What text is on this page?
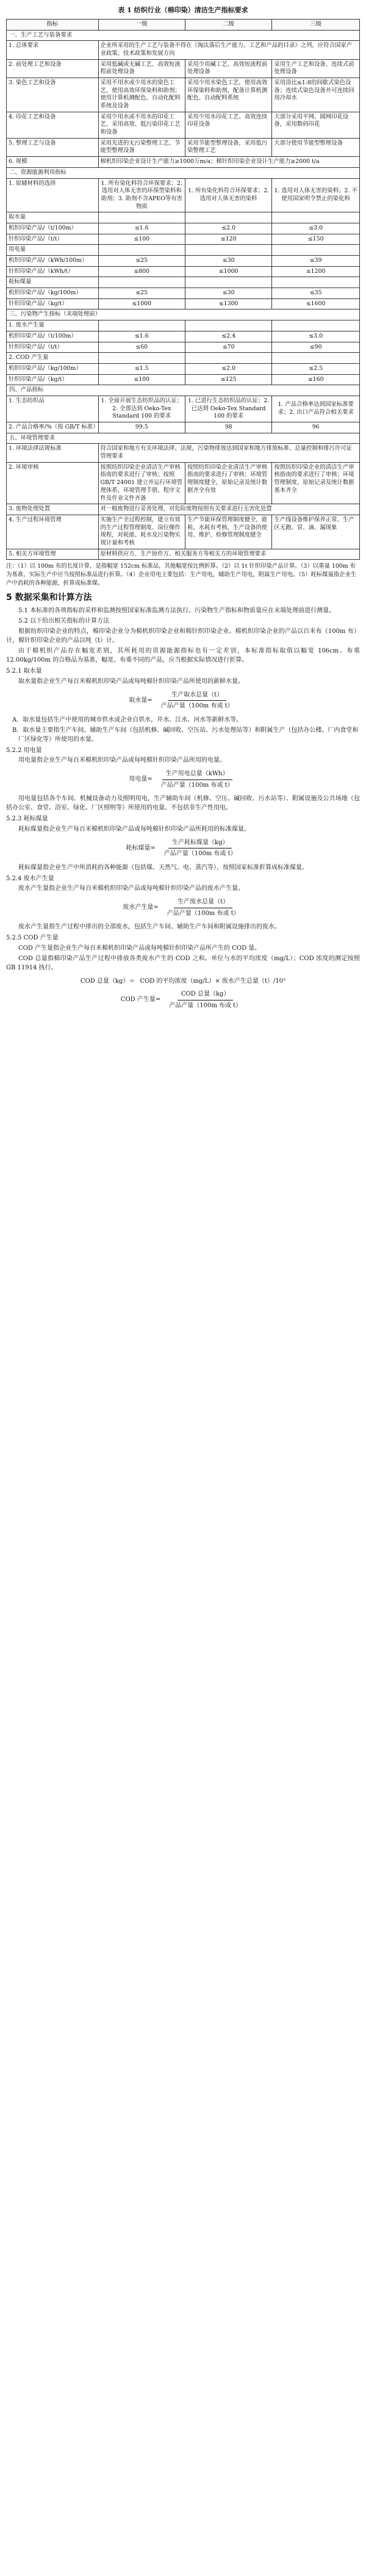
表 1 纺织行业（棉印染）清洁生产指标要求
指标	一级	二级	三级
一、生产工艺与装备要求			
1. 总体要求	企业所采用的生产工艺与装备不得在《淘汰落后生产能力、工艺和产品的目录》之列，应符合国家产业政策、技术政策和发展方向		
2. 前处理工艺和设备	采用低碱或无碱工艺、高效短流程前处理设备	采用少用碱工艺、高效短流程前处理设备	采用生产工艺和设备、连续式前处理设备
3. 染色工艺和设备	采用不用水或少用水的染色工艺，使用高效环保染料和助剂；使用计算机测配色、自动化配料系统及设备	采用少用水染色工艺，使用高效环保染料和助剂，配备计算机测配色、自动配料系统	采用浴比≤1:8的间歇式染色设备；连续式染色设备并可连续回用冷却水
4. 印花工艺和设备	采用少用水或不用水的印花工艺，采用高效、低污染印花工艺和设备	采用少用水印花工艺、高效连续印花设备	大部分采用平网、圆网印花设备，采用数码印花
5. 整理工艺与设备	采用先进的无污染整理工艺、节能型整理设备	采用节能型整理设备，采用低污染整理工艺	大部分使用节能型整理设备
6. 规模	棉机织印染企业设计生产能力≥1000万m/a；棉针织印染企业设计生产能力≥2000 t/a		
二、资源能源利用指标			
1. 原辅材料的选择	1. 所有染化料符合环保要求；2. 选用对人体无害的环保型染料和助剂；3. 助剂不含APEO等有害物质	1. 所有染化料符合环保要求；2. 选用对人体无害的染料	1. 选用对人体无害的染料；2. 不使用国家明令禁止的染化料
取水量			
机织印染产品/（t/100m）	≤1.6	≤2.0	≤3.0
针织印染产品/（t/t）	≤100	≤120	≤150
用电量			
机织印染产品/（kWh/100m）	≤25	≤30	≤39
针织印染产品/（kWh/t）	≤800	≤1000	≤1200
耗标煤量			
机织印染产品/（kg/100m）	≤25	≤30	≤35
针织印染产品/（kg/t）	≤1000	≤1300	≤1600
三、污染物产生指标（末端处理前）			
1. 废水产生量			
机织印染产品/（t/100m）	≤1.6	≤2.4	≤3.0
针织印染产品/（t/t）	≤60	≤70	≤90
2. COD 产生量			
机织印染产品/（kg/100m）	≤1.5	≤2.0	≤2.5
针织印染产品/（kg/t）	≤100	≤125	≤160
四、产品指标			
1. 生态纺织品	1. 全面开展生态纺织品的认证；2. 全部达到 Oeko-Tex Standard 100 的要求	1. 已进行生态纺织品的认证；2. 已达到 Oeko-Tex Standard 100 的要求	1. 产品合格率达到国家标准要求；2. 出口产品符合相关要求
2. 产品合格率/%（按 GB/T 标准）	99.5	98	96
五、环境管理要求			
1. 环境法律法规标准	符合国家和地方有关环境法律、法规，污染物排放达到国家和地方排放标准、总量控制和排污许可证管理要求		
2. 环境审核	按照纺织印染企业清洁生产审核指南的要求进行了审核；按照 GB/T 24001 建立并运行环境管理体系，环境管理手册、程序文件及作业文件齐备	按照纺织印染企业清洁生产审核指南的要求进行了审核；环境管理制度健全，原始记录及统计数据齐全有效	按照纺织印染企业的清洁生产审核指南的要求进行了审核；环境管理制度、原始记录及统计数据基本齐全
3. 废物处理处置	对一般废物进行妥善处理，对危险废物按照有关要求进行无害化处置		
4. 生产过程环境管理	实施生产全过程控制，建立有效的生产过程管理制度、岗位操作规程，对耗能、耗水及污染物实现计量和考核	生产节能环保管理制度健全，能耗、水耗有考核，生产设备的使用、维护、检修管理制度健全	生产线设备维护保养正常，生产区无跑、冒、滴、漏现象
5. 相关方环境管理	原材料供应方、生产协作方、相关服务方等相关方的环境管理要求		
注：（1）以 100m 布的长度计算，是指幅宽 152cm 标准品，其他幅宽按比例折算。（2）以 1t 针织印染产品计算。（3）以重量 100m 布为基准，实际生产中应当按照标准品进行折算。（4）企业用电主要包括：生产用电，辅助生产用电，附属生产用电。（5）耗标煤量指企业生产中消耗的各种能源，折算成标准煤。
5 数据采集和计算方法

5.1 本标准的各项指标的采样和监测按照国家标准监测方法执行。污染物生产指标和物质量应在末端处理前进行测量。

5.2 以下给出相关指标的计算方法

根据纺织印染企业的特点，棉印染企业分为棉机织印染企业和棉针织印染企业。棉机织印染企业的产品以百米布（100m 布）计，棉针织印染企业的产品以吨（t）计。

由于棉机织产品存在幅宽差别，其所耗用的资源能源指标也有一定差别，本标准指标取值以幅宽 106cm、布重 12.00kg/100m 的合格品为基准，幅宽、布重不同的产品，应当根据实际情况进行折算。

5.2.1 取水量

取水量指企业生产每百米棉机织印染产品或每吨棉针织印染产品所使用的新鲜水量。

取水量= $\frac{\text{生产取水总量（t）}}{\text{产品产量（100m 布或 t）}}$
A．取水量包括生产中使用的城市供水或企业自供水，井水、江水、河水等新鲜水等。
B．取水量主要指生产车间、辅助生产车间（包括机修、碱回收、空压站、污水处理站等）和附属生产（包括办公楼、厂内食堂和厂区绿化等）所使用的水量。
5.2.2 用电量

用电量指企业生产每百米棉机织印染产品或每吨棉针织印染产品所用的电量。

用电量= $\frac{\text{生产用电总量（kWh）}}{\text{产品产量（100m 布或 t）}}$

用电量包括各个车间、机械设备动力及照明用电，生产辅助车间（机修、空压、碱回收、污水站等）、附属设施及公共场地（包括办公室、食堂、浴室、绿化、厂区照明等）所使用的电量。不包括非生产性用电。

5.2.3 耗标煤量

耗标煤量指企业生产每百米棉机织印染产品或每吨棉针织印染产品所耗用的标准煤量。

耗标煤量= $\frac{\text{生产耗标煤量（kg）}}{\text{产品产量（100m 布或 t）}}$

耗标煤量指企业生产中所消耗的各种能源（包括煤、天然气、电、蒸汽等），按照国家标准折算成标准煤量。

5.2.4 废水产生量

废水产生量指企业生产每百米棉机织印染产品或每吨棉针织印染产品的废水产生量。

废水产生量= $\frac{\text{生产废水总量（t）}}{\text{产品产量（100m 布或 t）}}$

废水产生量指生产过程中排出的全部废水，包括生产车间、辅助生产车间和附属设施排出的废水。

5.2.5 COD 产生量

COD 产生量指企业生产每百米棉机织印染产品或每吨棉针织印染产品所产生的 COD 量。

COD 总量指棉印染产品生产过程中排放各类废水产生的 COD 之和。单位与水的平均浓度（mg/L）；COD 浓度的测定按照 GB 11914 执行。

COD 总量（kg）＝ COD 的平均浓度（mg/L）× 废水产生总量（t）/10³
COD 产生量= $\frac{\text{COD 总量（kg）}}{\text{产品产量（100m 布或 t）}}$
